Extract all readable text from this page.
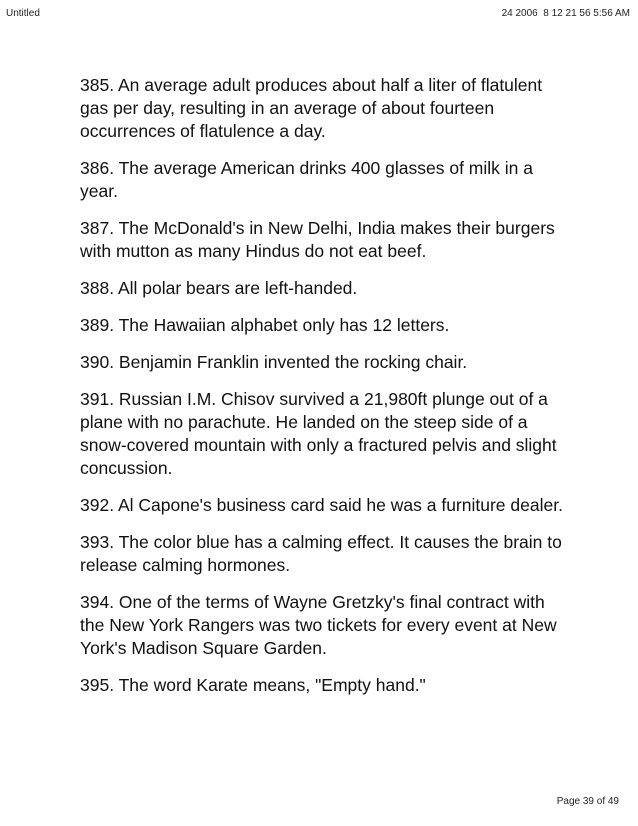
Untitled	24 2006  8 12 21 56 5:56 AM

385. An average adult produces about half a liter of flatulent gas per day, resulting in an average of about fourteen occurrences of flatulence a day.

386. The average American drinks 400 glasses of milk in a year.

387. The McDonald's in New Delhi, India makes their burgers with mutton as many Hindus do not eat beef.

388. All polar bears are left-handed.

389. The Hawaiian alphabet only has 12 letters.

390. Benjamin Franklin invented the rocking chair.

391. Russian I.M. Chisov survived a 21,980ft plunge out of a plane with no parachute. He landed on the steep side of a snow-covered mountain with only a fractured pelvis and slight concussion.

392. Al Capone's business card said he was a furniture dealer.

393. The color blue has a calming effect. It causes the brain to release calming hormones.

394. One of the terms of Wayne Gretzky's final contract with the New York Rangers was two tickets for every event at New York's Madison Square Garden.

395. The word Karate means, "Empty hand."

Page 39 of 49
